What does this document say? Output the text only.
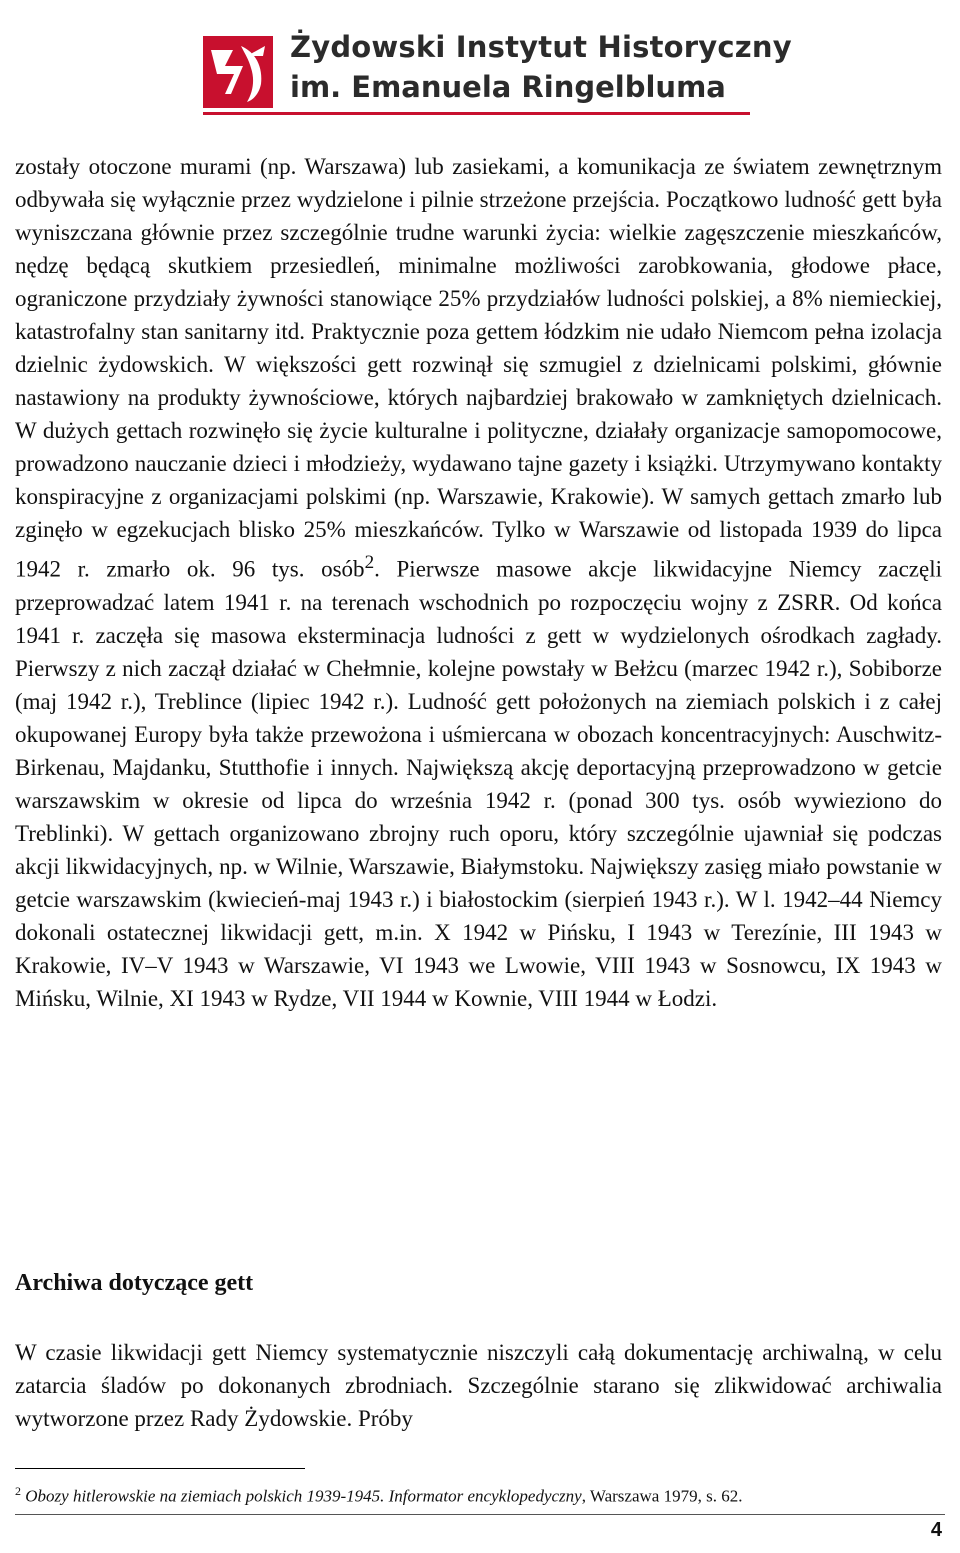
Żydowski Instytut Historyczny
im. Emanuela Ringelbluma

zostały otoczone murami (np. Warszawa) lub zasiekami, a komunikacja ze światem zewnętrznym odbywała się wyłącznie przez wydzielone i pilnie strzeżone przejścia. Początkowo ludność gett była wyniszczana głównie przez szczególnie trudne warunki życia: wielkie zagęszczenie mieszkańców, nędzę będącą skutkiem przesiedleń, minimalne możliwości zarobkowania, głodowe płace, ograniczone przydziały żywności stanowiące 25% przydziałów ludności polskiej, a 8% niemieckiej, katastrofalny stan sanitarny itd. Praktycznie poza gettem łódzkim nie udało Niemcom pełna izolacja dzielnic żydowskich. W większości gett rozwinął się szmugiel z dzielnicami polskimi, głównie nastawiony na produkty żywnościowe, których najbardziej brakowało w zamkniętych dzielnicach. W dużych gettach rozwinęło się życie kulturalne i polityczne, działały organizacje samopomocowe, prowadzono nauczanie dzieci i młodzieży, wydawano tajne gazety i książki. Utrzymywano kontakty konspiracyjne z organizacjami polskimi (np. Warszawie, Krakowie). W samych gettach zmarło lub zginęło w egzekucjach blisko 25% mieszkańców. Tylko w Warszawie od listopada 1939 do lipca 1942 r. zmarło ok. 96 tys. osób$^2$. Pierwsze masowe akcje likwidacyjne Niemcy zaczęli przeprowadzać latem 1941 r. na terenach wschodnich po rozpoczęciu wojny z ZSRR. Od końca 1941 r. zaczęła się masowa eksterminacja ludności z gett w wydzielonych ośrodkach zagłady. Pierwszy z nich zaczął działać w Chełmnie, kolejne powstały w Bełżcu (marzec 1942 r.), Sobiborze (maj 1942 r.), Treblince (lipiec 1942 r.). Ludność gett położonych na ziemiach polskich i z całej okupowanej Europy była także przewożona i uśmiercana w obozach koncentracyjnych: Auschwitz-Birkenau, Majdanku, Stutthofie i innych. Największą akcję deportacyjną przeprowadzono w getcie warszawskim w okresie od lipca do września 1942 r. (ponad 300 tys. osób wywieziono do Treblinki). W gettach organizowano zbrojny ruch oporu, który szczególnie ujawniał się podczas akcji likwidacyjnych, np. w Wilnie, Warszawie, Białymstoku. Największy zasięg miało powstanie w getcie warszawskim (kwiecień-maj 1943 r.) i białostockim (sierpień 1943 r.). W l. 1942–44 Niemcy dokonali ostatecznej likwidacji gett, m.in. X 1942 w Pińsku, I 1943 w Terezínie, III 1943 w Krakowie, IV–V 1943 w Warszawie, VI 1943 we Lwowie, VIII 1943 w Sosnowcu, IX 1943 w Mińsku, Wilnie, XI 1943 w Rydze, VII 1944 w Kownie, VIII 1944 w Łodzi.

Archiwa dotyczące gett

W czasie likwidacji gett Niemcy systematycznie niszczyli całą dokumentację archiwalną, w celu zatarcia śladów po dokonanych zbrodniach. Szczególnie starano się zlikwidować archiwalia wytworzone przez Rady Żydowskie. Próby

$^2$ Obozy hitlerowskie na ziemiach polskich 1939-1945. Informator encyklopedyczny, Warszawa 1979, s. 62.

4
